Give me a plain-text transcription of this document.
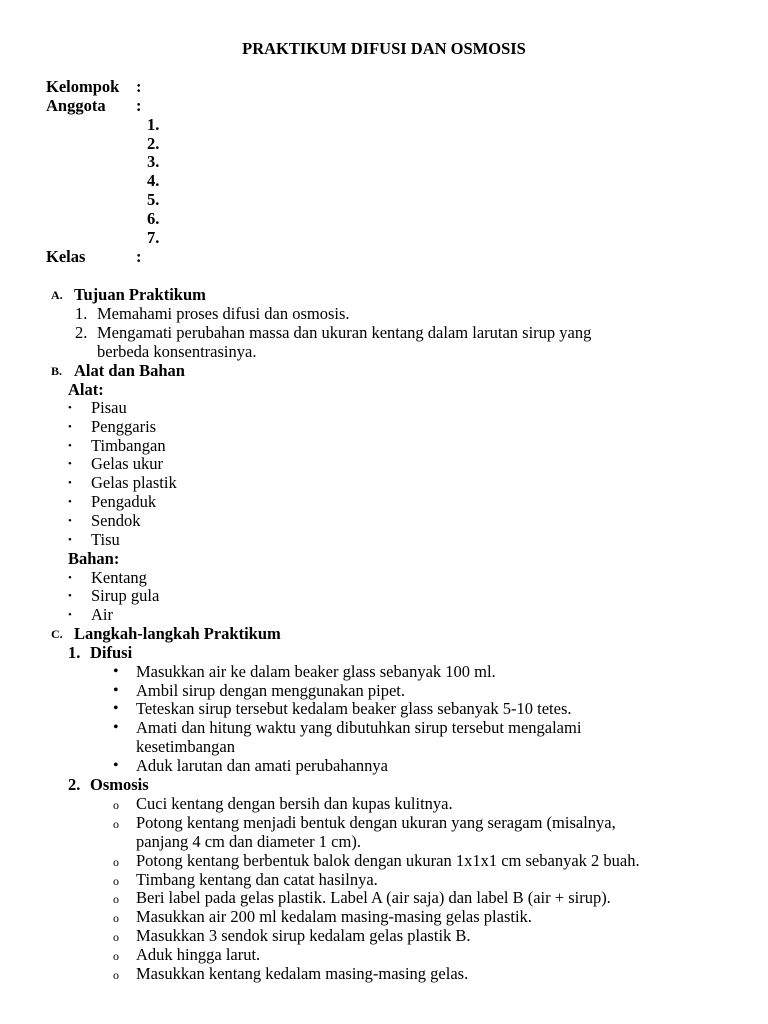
PRAKTIKUM DIFUSI DAN OSMOSIS
Kelompok :
Anggota :
1.
2.
3.
4.
5.
6.
7.
Kelas	:
A. Tujuan Praktikum
1. Memahami proses difusi dan osmosis.
2. Mengamati perubahan massa dan ukuran kentang dalam larutan sirup yang
berbeda konsentrasinya.
B. Alat dan Bahan
Alat:
• Pisau
• Penggaris
• Timbangan
• Gelas ukur
• Gelas plastik
• Pengaduk
• Sendok
• Tisu
Bahan:
• Kentang
• Sirup gula
• Air
C. Langkah-langkah Praktikum
1. Difusi
• Masukkan air ke dalam beaker glass sebanyak 100 ml.
• Ambil sirup dengan menggunakan pipet.
• Teteskan sirup tersebut kedalam beaker glass sebanyak 5-10 tetes.
• Amati dan hitung waktu yang dibutuhkan sirup tersebut mengalami
kesetimbangan
• Aduk larutan dan amati perubahannya
2. Osmosis
o Cuci kentang dengan bersih dan kupas kulitnya.
o Potong kentang menjadi bentuk dengan ukuran yang seragam (misalnya,
panjang 4 cm dan diameter 1 cm).
o Potong kentang berbentuk balok dengan ukuran 1x1x1 cm sebanyak 2 buah.
o Timbang kentang dan catat hasilnya.
o Beri label pada gelas plastik. Label A (air saja) dan label B (air + sirup).
o Masukkan air 200 ml kedalam masing-masing gelas plastik.
o Masukkan 3 sendok sirup kedalam gelas plastik B.
o Aduk hingga larut.
o Masukkan kentang kedalam masing-masing gelas.
